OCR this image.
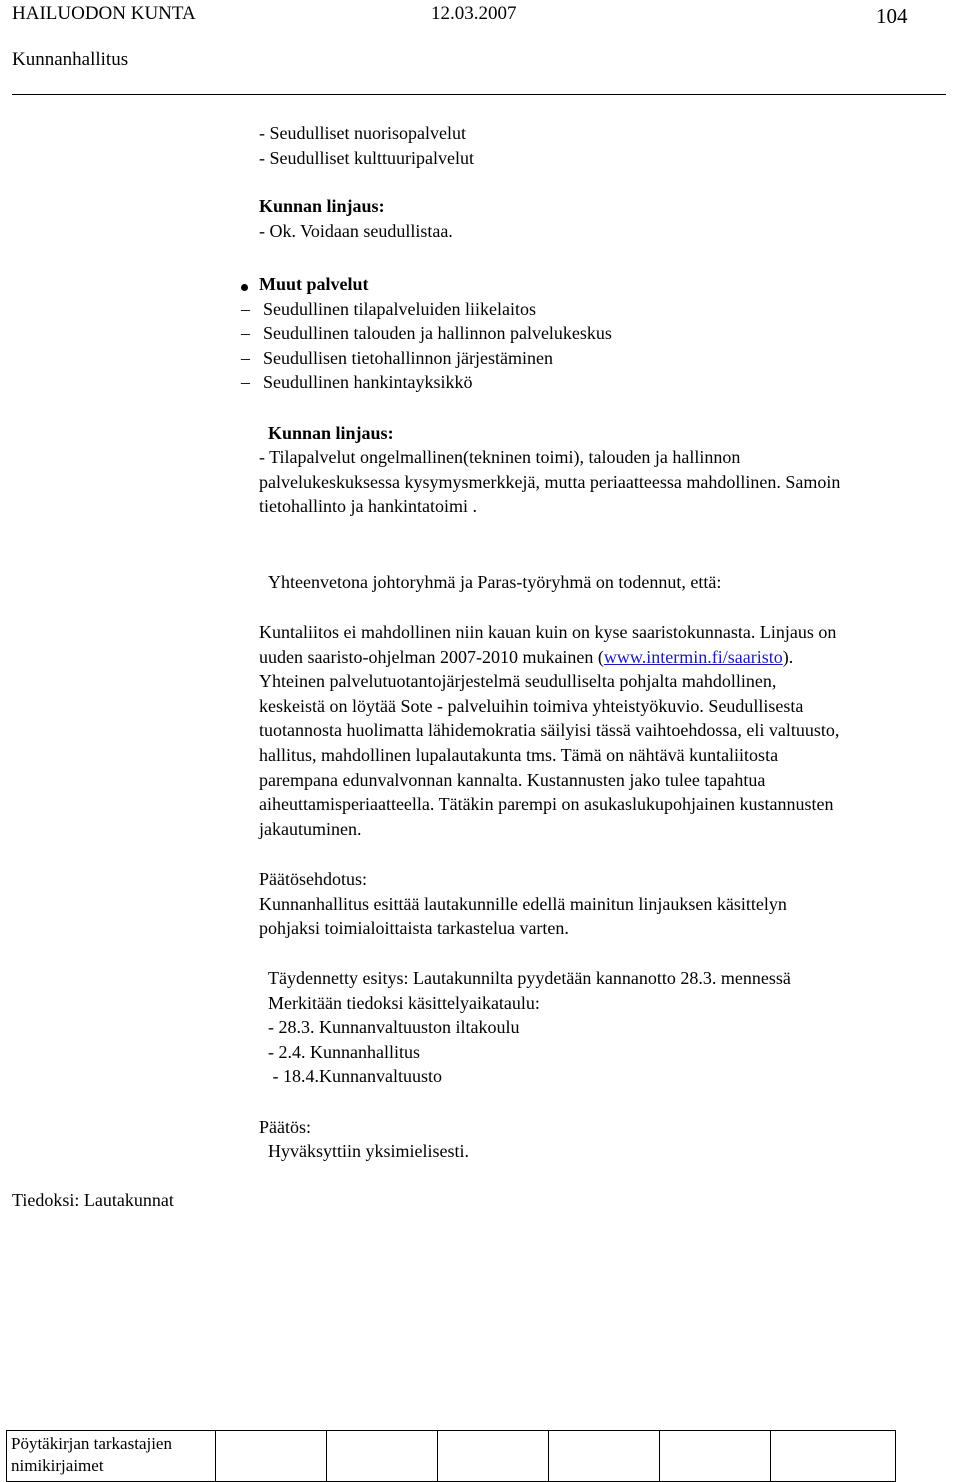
HAILUODON KUNTA	12.03.2007	104
Kunnanhallitus
- Seudulliset nuorisopalvelut
- Seudulliset kulttuuripalvelut
Kunnan linjaus:
- Ok. Voidaan seudullistaa.
Muut palvelut
– Seudullinen tilapalveluiden liikelaitos
– Seudullinen talouden ja hallinnon palvelukeskus
– Seudullisen tietohallinnon järjestäminen
– Seudullinen hankintayksikkö
Kunnan linjaus:
- Tilapalvelut ongelmallinen(tekninen toimi), talouden ja hallinnon
palvelukeskuksessa kysymysmerkkejä, mutta periaatteessa mahdollinen. Samoin
tietohallinto ja hankintatoimi .
Yhteenvetona johtoryhmä ja Paras-työryhmä on todennut, että:
Kuntaliitos ei mahdollinen niin kauan kuin on kyse saaristokunnasta. Linjaus on
uuden saaristo-ohjelman 2007-2010 mukainen (www.intermin.fi/saaristo).
Yhteinen palvelutuotantojärjestelmä seudulliselta pohjalta mahdollinen,
keskeistä on löytää Sote - palveluihin toimiva yhteistyökuvio. Seudullisesta
tuotannosta huolimatta lähidemokratia säilyisi tässä vaihtoehdossa, eli valtuusto,
hallitus, mahdollinen lupalautakunta tms. Tämä on nähtävä kuntaliitosta
parempana edunvalvonnan kannalta. Kustannusten jako tulee tapahtua
aiheuttamisperiaatteella. Tätäkin parempi on asukaslukupohjainen kustannusten
jakautuminen.
Päätösehdotus:
Kunnanhallitus esittää lautakunnille edellä mainitun linjauksen käsittelyn
pohjaksi toimialoittaista tarkastelua varten.
Täydennetty esitys: Lautakunnilta pyydetään kannanotto 28.3. mennessä
Merkitään tiedoksi käsittelyaikataulu:
- 28.3. Kunnanvaltuuston iltakoulu
- 2.4. Kunnanhallitus
- 18.4.Kunnanvaltuusto
Päätös:
Hyväksyttiin yksimielisesti.
Tiedoksi: Lautakunnat
Pöytäkirjan tarkastajien
nimikirjaimet
